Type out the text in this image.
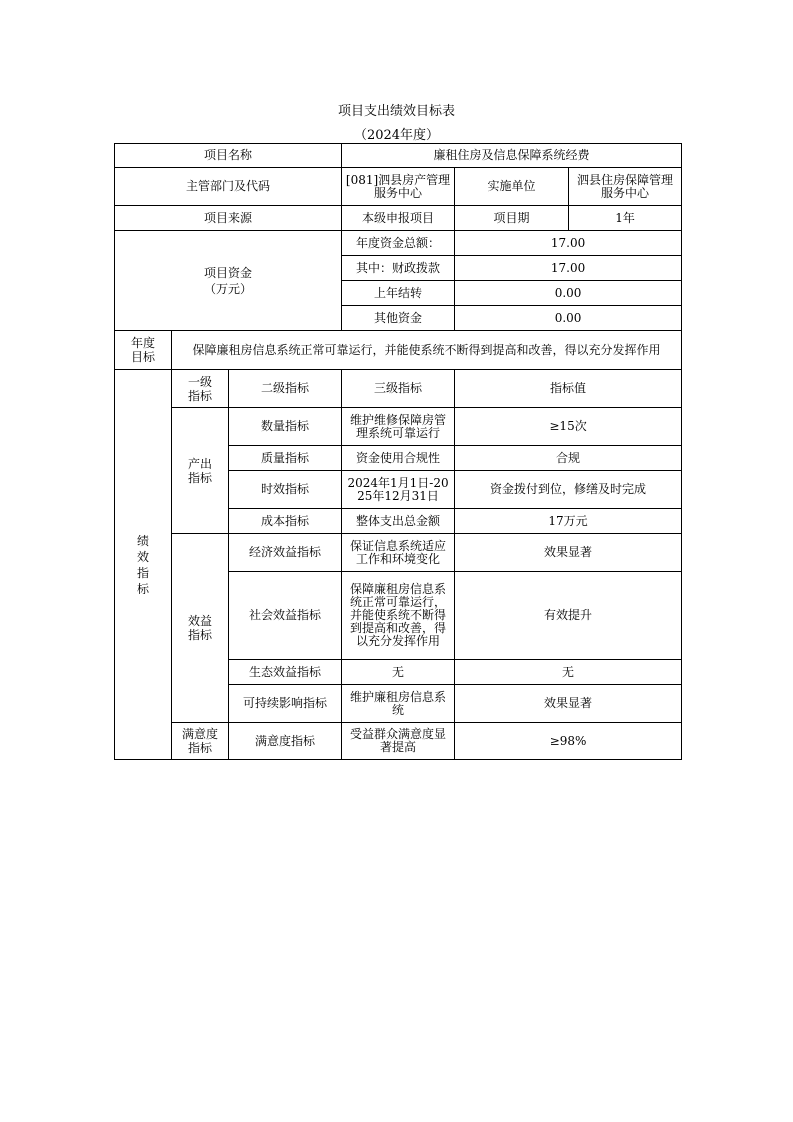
项目支出绩效目标表
（2024年度）
项目名称			廉租住房及信息保障系统经费		
主管部门及代码			[081]泗县房产管理服务中心	实施单位	泗县住房保障管理服务中心
项目来源			本级申报项目	项目期	1年
项目资金（万元）			年度资金总额：	17.00	
			其中：财政拨款	17.00	
			上年结转	0.00	
			其他资金	0.00	
年度目标	保障廉租房信息系统正常可靠运行，并能使系统不断得到提高和改善，得以充分发挥作用				
绩效指标	一级指标	二级指标	三级指标	指标值	
	产出指标	数量指标	维护维修保障房管理系统可靠运行	≥15次	
		质量指标	资金使用合规性	合规	
		时效指标	2024年1月1日-2025年12月31日	资金拨付到位，修缮及时完成	
		成本指标	整体支出总金额	17万元	
	效益指标	经济效益指标	保证信息系统适应工作和环境变化	效果显著	
		社会效益指标	保障廉租房信息系统正常可靠运行，并能使系统不断得到提高和改善，得以充分发挥作用	有效提升	
		生态效益指标	无	无	
		可持续影响指标	维护廉租房信息系统	效果显著	
	满意度指标	满意度指标	受益群众满意度显著提高	≥98%	
